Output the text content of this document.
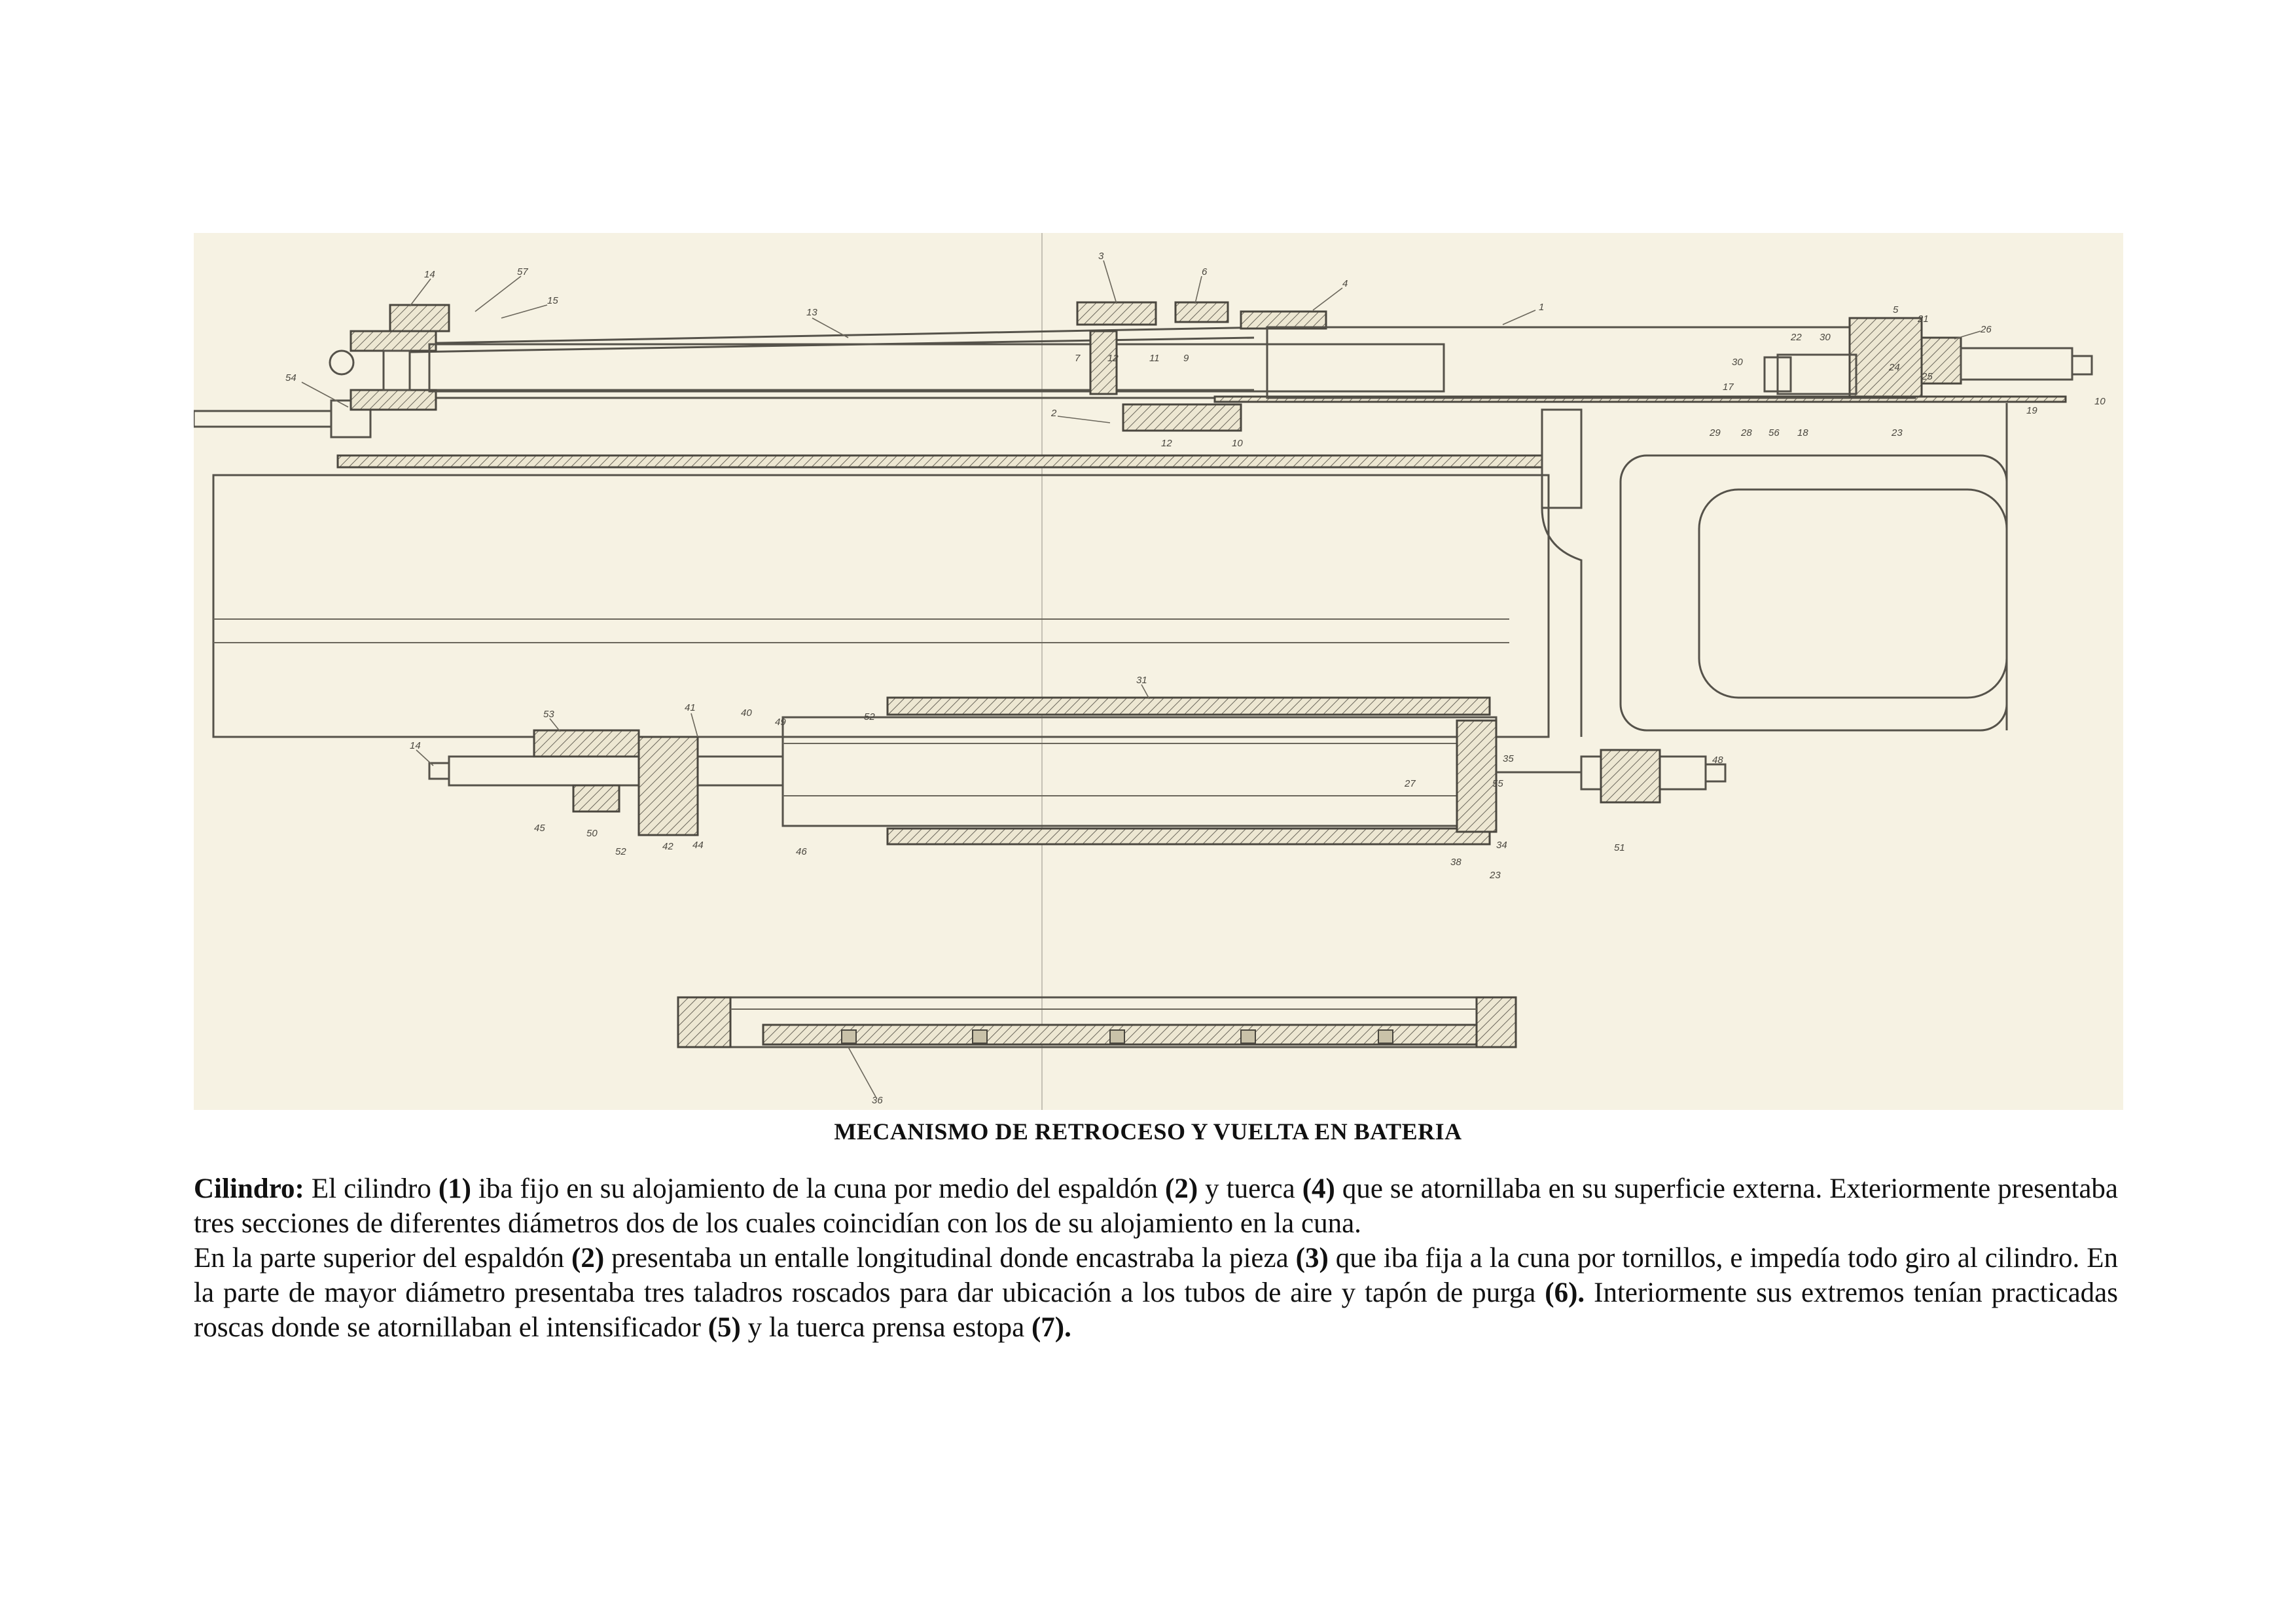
3
6
4
1
14	57
15
13
7	12	11 9
54
2
12	10
5
21
26
22 30
30
17
24
25
29 28 56 18	23
19
10
31
53
41	40
49	52
14
35	48
27	55
45	50
52	42 44
46
34
38
23
51
36
MECANISMO DE RETROCESO Y VUELTA EN BATERIA

Cilindro: El cilindro (1) iba fijo en su alojamiento de la cuna por medio del espaldón (2) y tuerca (4) que se atornillaba en su superficie externa. Exteriormente presentaba tres secciones de diferentes diámetros dos de los cuales coincidían con los de su alojamiento en la cuna.

En la parte superior del espaldón (2) presentaba un entalle longitudinal donde encastraba la pieza (3) que iba fija a la cuna por tornillos, e impedía todo giro al cilindro. En la parte de mayor diámetro presentaba tres taladros roscados para dar ubicación a los tubos de aire y tapón de purga (6). Interiormente sus extremos tenían practicadas roscas donde se atornillaban el intensificador (5) y la tuerca prensa estopa (7).
